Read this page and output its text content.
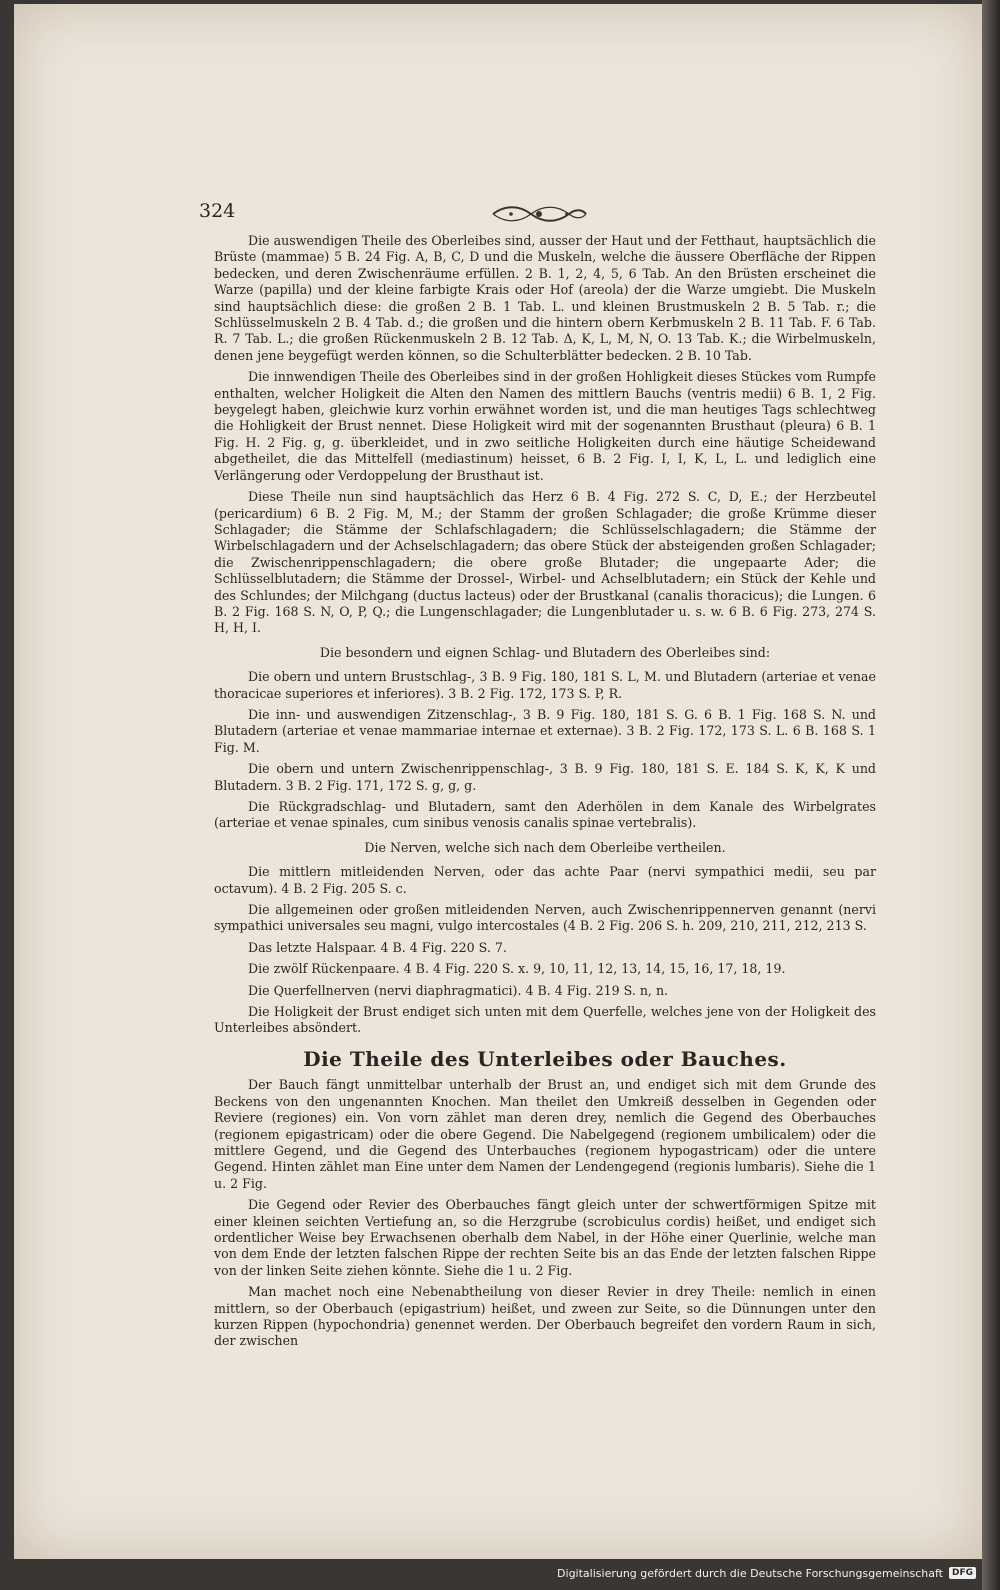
324

Die auswendigen Theile des Oberleibes sind, ausser der Haut und der Fetthaut, hauptsächlich die Brüste (mammae) 5 B. 24 Fig. A, B, C, D und die Muskeln, welche die äussere Oberfläche der Rippen bedecken, und deren Zwischenräume erfüllen. 2 B. 1, 2, 4, 5, 6 Tab. An den Brüsten erscheinet die Warze (papilla) und der kleine farbigte Krais oder Hof (areola) der die Warze umgiebt. Die Muskeln sind hauptsächlich diese: die großen 2 B. 1 Tab. L. und kleinen Brustmuskeln 2 B. 5 Tab. r.; die Schlüsselmuskeln 2 B. 4 Tab. d.; die großen und die hintern obern Kerbmuskeln 2 B. 11 Tab. F. 6 Tab. R. 7 Tab. L.; die großen Rückenmuskeln 2 B. 12 Tab. Δ, K, L, M, N, O. 13 Tab. K.; die Wirbelmuskeln, denen jene beygefügt werden können, so die Schulterblätter bedecken. 2 B. 10 Tab.

Die innwendigen Theile des Oberleibes sind in der großen Hohligkeit dieses Stückes vom Rumpfe enthalten, welcher Holigkeit die Alten den Namen des mittlern Bauchs (ventris medii) 6 B. 1, 2 Fig. beygelegt haben, gleichwie kurz vorhin erwähnet worden ist, und die man heutiges Tags schlechtweg die Hohligkeit der Brust nennet. Diese Holigkeit wird mit der sogenannten Brusthaut (pleura) 6 B. 1 Fig. H. 2 Fig. g, g. überkleidet, und in zwo seitliche Holigkeiten durch eine häutige Scheidewand abgetheilet, die das Mittelfell (mediastinum) heisset, 6 B. 2 Fig. I, I, K, L, L. und lediglich eine Verlängerung oder Verdoppelung der Brusthaut ist.

Diese Theile nun sind hauptsächlich das Herz 6 B. 4 Fig. 272 S. C, D, E.; der Herzbeutel (pericardium) 6 B. 2 Fig. M, M.; der Stamm der großen Schlagader; die große Krümme dieser Schlagader; die Stämme der Schlafschlagadern; die Schlüsselschlagadern; die Stämme der Wirbelschlagadern und der Achselschlagadern; das obere Stück der absteigenden großen Schlagader; die Zwischenrippenschlagadern; die obere große Blutader; die ungepaarte Ader; die Schlüsselblutadern; die Stämme der Drossel-, Wirbel- und Achselblutadern; ein Stück der Kehle und des Schlundes; der Milchgang (ductus lacteus) oder der Brustkanal (canalis thoracicus); die Lungen. 6 B. 2 Fig. 168 S. N, O, P, Q.; die Lungenschlagader; die Lungenblutader u. s. w. 6 B. 6 Fig. 273, 274 S. H, H, I.

Die besondern und eignen Schlag- und Blutadern des Oberleibes sind:

Die obern und untern Brustschlag-, 3 B. 9 Fig. 180, 181 S. L, M. und Blutadern (arteriae et venae thoracicae superiores et inferiores). 3 B. 2 Fig. 172, 173 S. P, R.

Die inn- und auswendigen Zitzenschlag-, 3 B. 9 Fig. 180, 181 S. G. 6 B. 1 Fig. 168 S. N. und Blutadern (arteriae et venae mammariae internae et externae). 3 B. 2 Fig. 172, 173 S. L. 6 B. 168 S. 1 Fig. M.

Die obern und untern Zwischenrippenschlag-, 3 B. 9 Fig. 180, 181 S. E. 184 S. K, K, K und Blutadern. 3 B. 2 Fig. 171, 172 S. g, g, g.

Die Rückgradschlag- und Blutadern, samt den Aderhölen in dem Kanale des Wirbelgrates (arteriae et venae spinales, cum sinibus venosis canalis spinae vertebralis).

Die Nerven, welche sich nach dem Oberleibe vertheilen.

Die mittlern mitleidenden Nerven, oder das achte Paar (nervi sympathici medii, seu par octavum). 4 B. 2 Fig. 205 S. c.

Die allgemeinen oder großen mitleidenden Nerven, auch Zwischenrippennerven genannt (nervi sympathici universales seu magni, vulgo intercostales (4 B. 2 Fig. 206 S. h. 209, 210, 211, 212, 213 S.

Das letzte Halspaar. 4 B. 4 Fig. 220 S. 7.

Die zwölf Rückenpaare. 4 B. 4 Fig. 220 S. x. 9, 10, 11, 12, 13, 14, 15, 16, 17, 18, 19.

Die Querfellnerven (nervi diaphragmatici). 4 B. 4 Fig. 219 S. n, n.

Die Holigkeit der Brust endiget sich unten mit dem Querfelle, welches jene von der Holigkeit des Unterleibes absöndert.

Die Theile des Unterleibes oder Bauches.

Der Bauch fängt unmittelbar unterhalb der Brust an, und endiget sich mit dem Grunde des Beckens von den ungenannten Knochen. Man theilet den Umkreiß desselben in Gegenden oder Reviere (regiones) ein. Von vorn zählet man deren drey, nemlich die Gegend des Oberbauches (regionem epigastricam) oder die obere Gegend. Die Nabelgegend (regionem umbilicalem) oder die mittlere Gegend, und die Gegend des Unterbauches (regionem hypogastricam) oder die untere Gegend. Hinten zählet man Eine unter dem Namen der Lendengegend (regionis lumbaris). Siehe die 1 u. 2 Fig.

Die Gegend oder Revier des Oberbauches fängt gleich unter der schwertförmigen Spitze mit einer kleinen seichten Vertiefung an, so die Herzgrube (scrobiculus cordis) heißet, und endiget sich ordentlicher Weise bey Erwachsenen oberhalb dem Nabel, in der Höhe einer Querlinie, welche man von dem Ende der letzten falschen Rippe der rechten Seite bis an das Ende der letzten falschen Rippe von der linken Seite ziehen könnte. Siehe die 1 u. 2 Fig.

Man machet noch eine Nebenabtheilung von dieser Revier in drey Theile: nemlich in einen mittlern, so der Oberbauch (epigastrium) heißet, und zween zur Seite, so die Dünnungen unter den kurzen Rippen (hypochondria) genennet werden. Der Oberbauch begreifet den vordern Raum in sich, der zwischen

Digitalisierung gefördert durch die Deutsche Forschungsgemeinschaft	DFG
